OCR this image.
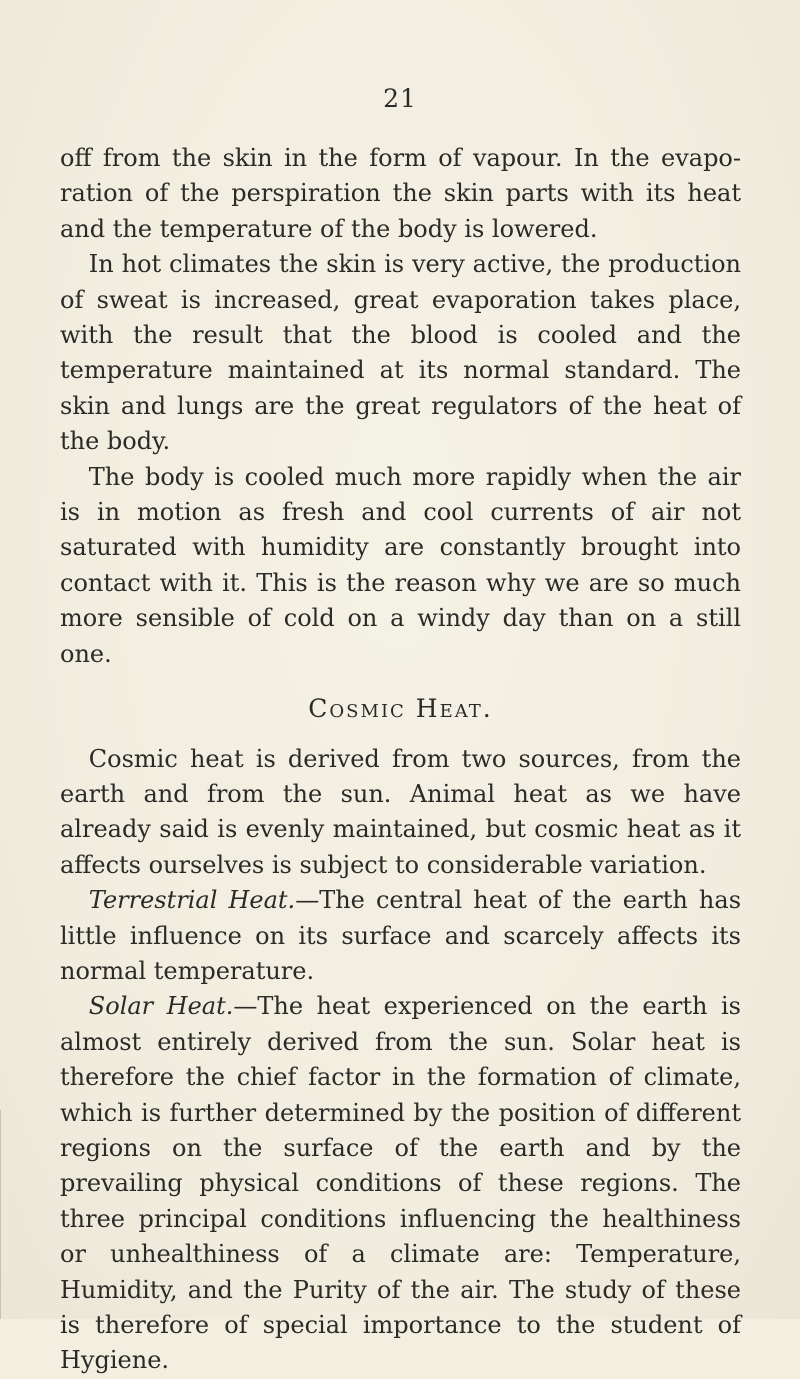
21

off from the skin in the form of vapour. In the evapo- ration of the perspiration the skin parts with its heat and the temperature of the body is lowered.

In hot climates the skin is very active, the production of sweat is increased, great evaporation takes place, with the result that the blood is cooled and the temperature maintained at its normal standard. The skin and lungs are the great regulators of the heat of the body.

The body is cooled much more rapidly when the air is in motion as fresh and cool currents of air not saturated with humidity are constantly brought into contact with it. This is the reason why we are so much more sensible of cold on a windy day than on a still one.

Cosmic Heat.

Cosmic heat is derived from two sources, from the earth and from the sun. Animal heat as we have already said is evenly maintained, but cosmic heat as it affects ourselves is subject to considerable variation.

Terrestrial Heat.—The central heat of the earth has little influence on its surface and scarcely affects its normal temperature.

Solar Heat.—The heat experienced on the earth is almost entirely derived from the sun. Solar heat is therefore the chief factor in the formation of climate, which is further determined by the position of different regions on the surface of the earth and by the prevailing physical conditions of these regions. The three principal conditions influencing the healthiness or unhealthiness of a climate are: Temperature, Humidity, and the Purity of the air. The study of these is therefore of special importance to the student of Hygiene.
